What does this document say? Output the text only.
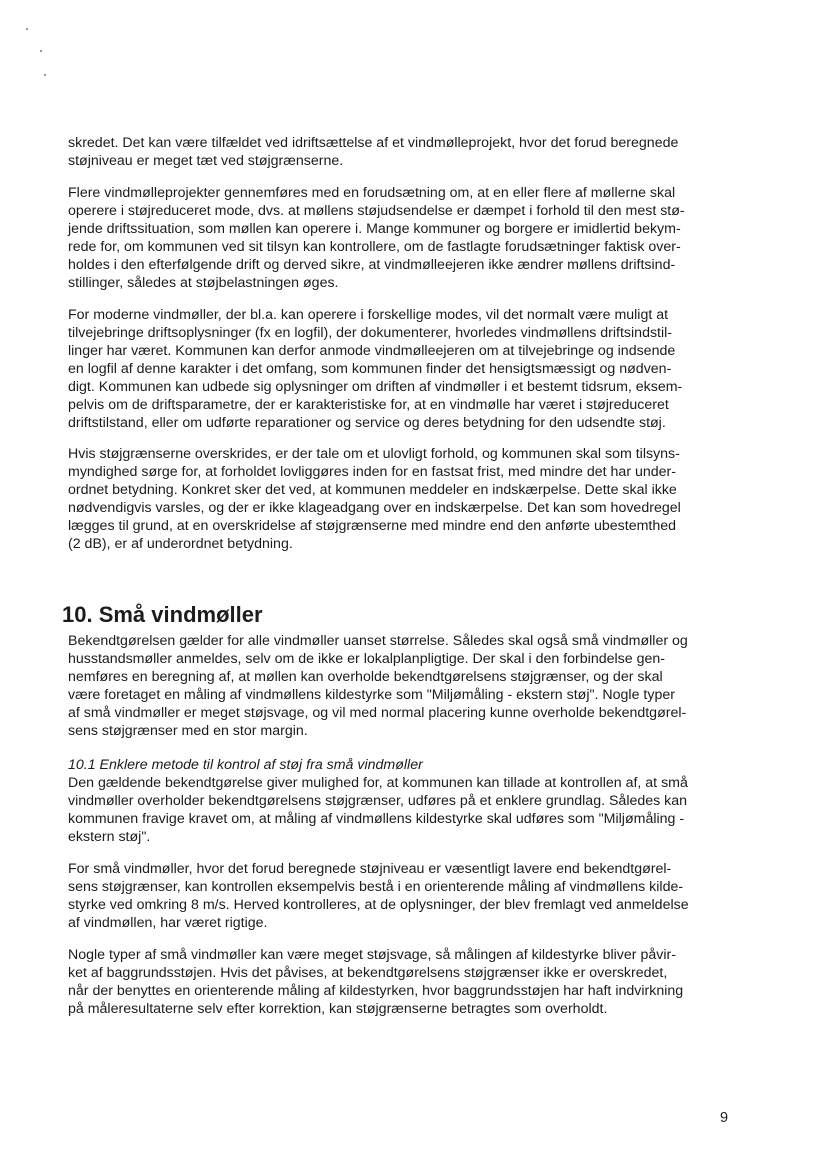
skredet. Det kan være tilfældet ved idriftsættelse af et vindmølleprojekt, hvor det forud beregnede
støjniveau er meget tæt ved støjgrænserne.
Flere vindmølleprojekter gennemføres med en forudsætning om, at en eller flere af møllerne skal
operere i støjreduceret mode, dvs. at møllens støjudsendelse er dæmpet i forhold til den mest stø-
jende driftssituation, som møllen kan operere i. Mange kommuner og borgere er imidlertid bekym-
rede for, om kommunen ved sit tilsyn kan kontrollere, om de fastlagte forudsætninger faktisk over-
holdes i den efterfølgende drift og derved sikre, at vindmølleejeren ikke ændrer møllens driftsind-
stillinger, således at støjbelastningen øges.
For moderne vindmøller, der bl.a. kan operere i forskellige modes, vil det normalt være muligt at
tilvejebringe driftsoplysninger (fx en logfil), der dokumenterer, hvorledes vindmøllens driftsindstil-
linger har været. Kommunen kan derfor anmode vindmølleejeren om at tilvejebringe og indsende
en logfil af denne karakter i det omfang, som kommunen finder det hensigtsmæssigt og nødven-
digt. Kommunen kan udbede sig oplysninger om driften af vindmøller i et bestemt tidsrum, eksem-
pelvis om de driftsparametre, der er karakteristiske for, at en vindmølle har været i støjreduceret
driftstilstand, eller om udførte reparationer og service og deres betydning for den udsendte støj.
Hvis støjgrænserne overskrides, er der tale om et ulovligt forhold, og kommunen skal som tilsyns-
myndighed sørge for, at forholdet lovliggøres inden for en fastsat frist, med mindre det har under-
ordnet betydning. Konkret sker det ved, at kommunen meddeler en indskærpelse. Dette skal ikke
nødvendigvis varsles, og der er ikke klageadgang over en indskærpelse. Det kan som hovedregel
lægges til grund, at en overskridelse af støjgrænserne med mindre end den anførte ubestemthed
(2 dB), er af underordnet betydning.
10. Små vindmøller
Bekendtgørelsen gælder for alle vindmøller uanset størrelse. Således skal også små vindmøller og
husstandsmøller anmeldes, selv om de ikke er lokalplanpligtige. Der skal i den forbindelse gen-
nemføres en beregning af, at møllen kan overholde bekendtgørelsens støjgrænser, og der skal
være foretaget en måling af vindmøllens kildestyrke som "Miljømåling - ekstern støj". Nogle typer
af små vindmøller er meget støjsvage, og vil med normal placering kunne overholde bekendtgørel-
sens støjgrænser med en stor margin.
10.1 Enklere metode til kontrol af støj fra små vindmøller
Den gældende bekendtgørelse giver mulighed for, at kommunen kan tillade at kontrollen af, at små
vindmøller overholder bekendtgørelsens støjgrænser, udføres på et enklere grundlag. Således kan
kommunen fravige kravet om, at måling af vindmøllens kildestyrke skal udføres som "Miljømåling -
ekstern støj".
For små vindmøller, hvor det forud beregnede støjniveau er væsentligt lavere end bekendtgørel-
sens støjgrænser, kan kontrollen eksempelvis bestå i en orienterende måling af vindmøllens kilde-
styrke ved omkring 8 m/s. Herved kontrolleres, at de oplysninger, der blev fremlagt ved anmeldelse
af vindmøllen, har været rigtige.
Nogle typer af små vindmøller kan være meget støjsvage, så målingen af kildestyrke bliver påvir-
ket af baggrundsstøjen. Hvis det påvises, at bekendtgørelsens støjgrænser ikke er overskredet,
når der benyttes en orienterende måling af kildestyrken, hvor baggrundsstøjen har haft indvirkning
på måleresultaterne selv efter korrektion, kan støjgrænserne betragtes som overholdt.
9
